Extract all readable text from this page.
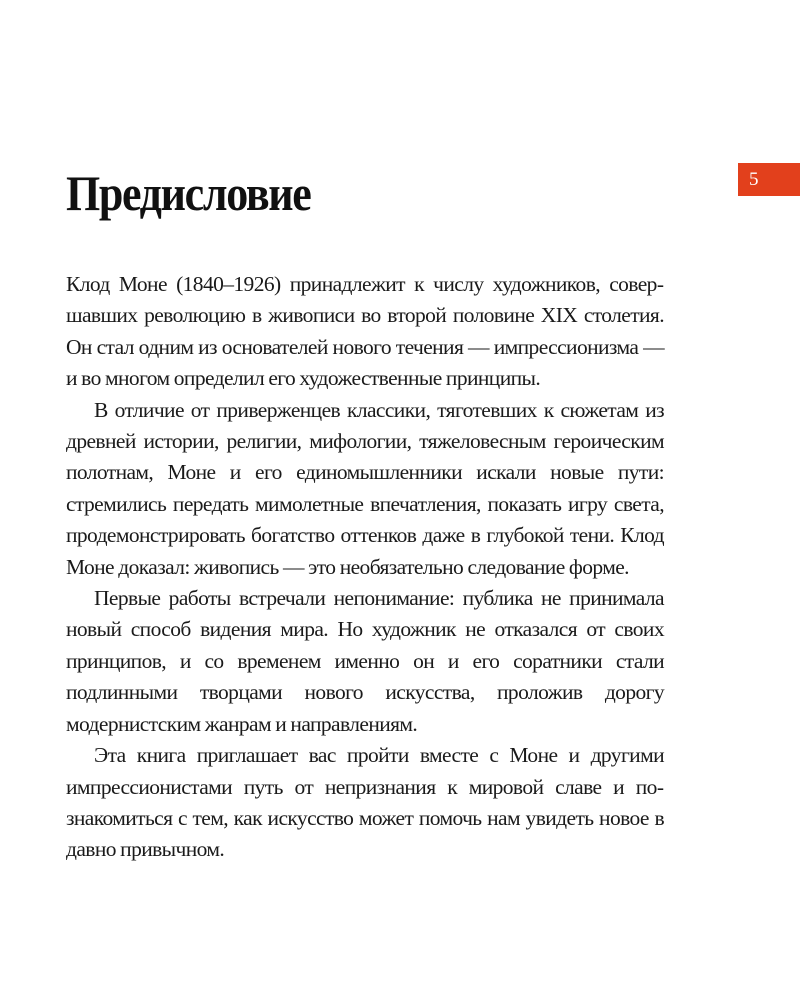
5
Предисловие

Клод Моне (1840–1926) принадлежит к числу художников, совершавших революцию в живописи во второй половине XIX столетия. Он стал одним из основателей нового течения — импрессионизма — и во многом определил его художественные принципы.

В отличие от приверженцев классики, тяготевших к сюжетам из древней истории, религии, мифологии, тяжеловесным героическим полотнам, Моне и его единомышленники искали новые пути: стремились передать мимолетные впечатления, показать игру света, продемонстрировать богатство оттенков даже в глубокой тени. Клод Моне доказал: живопись — это необязательно следование форме.

Первые работы встречали непонимание: публика не принимала новый способ видения мира. Но художник не отказался от своих принципов, и со временем именно он и его соратники стали подлинными творцами нового искусства, проложив дорогу модернистским жанрам и направлениям.

Эта книга приглашает вас пройти вместе с Моне и другими импрессионистами путь от непризнания к мировой славе и познакомиться с тем, как искусство может помочь нам увидеть новое в давно привычном.
